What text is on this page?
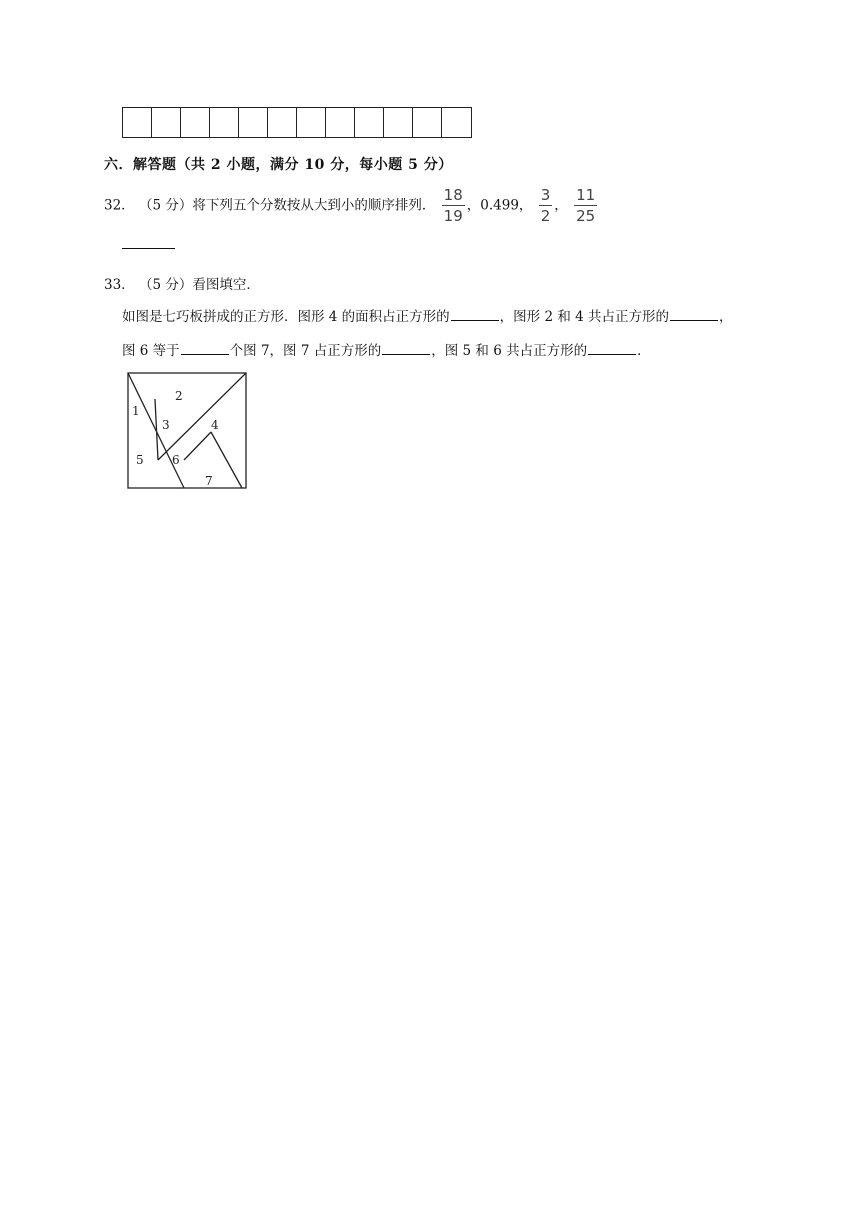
六．解答题（共 2 小题，满分 10 分，每小题 5 分）
32． （5 分）将下列五个分数按从大到小的顺序排列． $\frac{18}{19}$ ，0.499， $\frac{3}{2}$ ， $\frac{11}{25}$
33． （5 分）看图填空．
如图是七巧板拼成的正方形．图形 4 的面积占正方形的	，图形 2 和 4 共占正方形的	，
图 6 等于	个图 7，图 7 占正方形的	，图 5 和 6 共占正方形的	．
1
2
3	4
5 6
7
